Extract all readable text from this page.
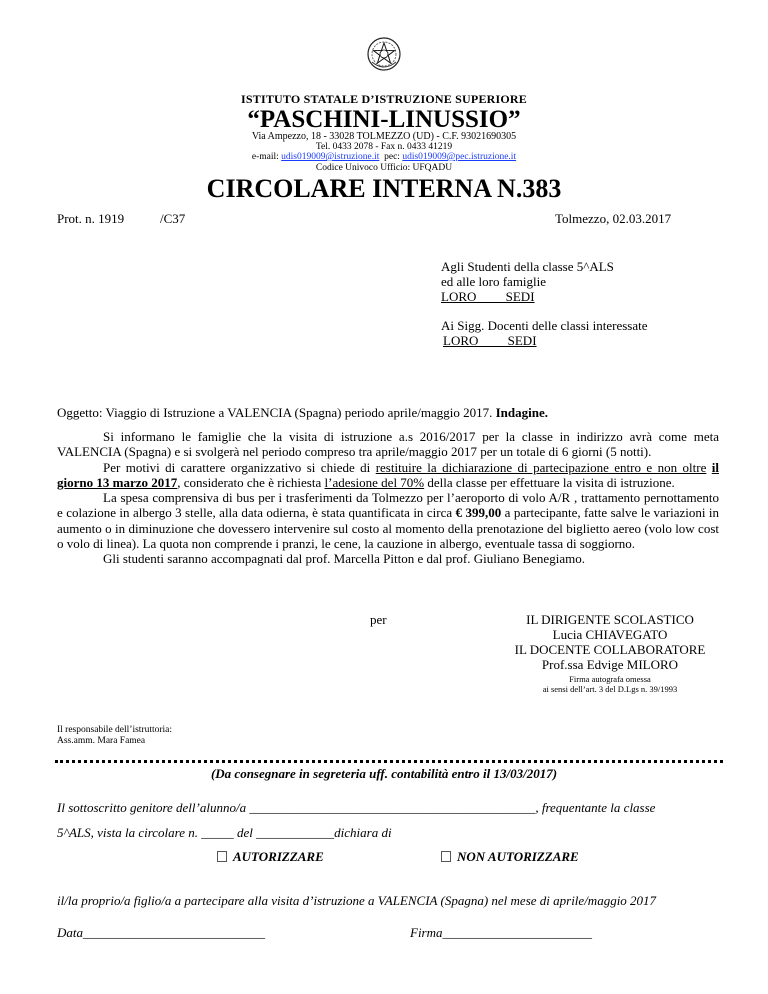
ISTITUTO STATALE D’ISTRUZIONE SUPERIORE
“PASCHINI-LINUSSIO”
Via Ampezzo, 18 - 33028 TOLMEZZO (UD) - C.F. 93021690305
Tel. 0433 2078 - Fax n. 0433 41219
e-mail: udis019009@istruzione.it pec: udis019009@pec.istruzione.it
Codice Univoco Ufficio: UFQADU
CIRCOLARE INTERNA N.383
Prot. n. 1919	/C37	Tolmezzo, 02.03.2017
Agli Studenti della classe 5^ALS
ed alle loro famiglie
LORO         SEDI
Ai Sigg. Docenti delle classi interessate
LORO         SEDI
Oggetto: Viaggio di Istruzione a VALENCIA (Spagna) periodo aprile/maggio 2017. Indagine.

Si informano le famiglie che la visita di istruzione a.s 2016/2017 per la classe in indirizzo avrà come meta VALENCIA (Spagna) e si svolgerà nel periodo compreso tra aprile/maggio 2017 per un totale di 6 giorni (5 notti).

Per motivi di carattere organizzativo si chiede di restituire la dichiarazione di partecipazione entro e non oltre il giorno 13 marzo 2017, considerato che è richiesta l’adesione del 70% della classe per effettuare la visita di istruzione.

La spesa comprensiva di bus per i trasferimenti da Tolmezzo per l’aeroporto di volo A/R , trattamento pernottamento e colazione in albergo 3 stelle, alla data odierna, è stata quantificata in circa € 399,00 a partecipante, fatte salve le variazioni in aumento o in diminuzione che dovessero intervenire sul costo al momento della prenotazione del biglietto aereo (volo low cost o volo di linea). La quota non comprende i pranzi, le cene, la cauzione in albergo, eventuale tassa di soggiorno.

Gli studenti saranno accompagnati dal prof. Marcella Pitton e dal prof. Giuliano Benegiamo.

per	IL DIRIGENTE SCOLASTICO
Lucia CHIAVEGATO
IL DOCENTE COLLABORATORE
Prof.ssa Edvige MILORO
Firma autografa omessa
ai sensi dell’art. 3 del D.Lgs n. 39/1993
Il responsabile dell’istruttoria:
Ass.amm. Mara Famea
(Da consegnare in segreteria uff. contabilità entro il 13/03/2017)
Il sottoscritto genitore dell’alunno/a ____________________________________________, frequentante la classe
5^ALS, vista la circolare n. _____ del ____________dichiara di
AUTORIZZARE	NON AUTORIZZARE
il/la proprio/a figlio/a a partecipare alla visita d’istruzione a VALENCIA (Spagna) nel mese di aprile/maggio 2017
Data____________________________	Firma_______________________
